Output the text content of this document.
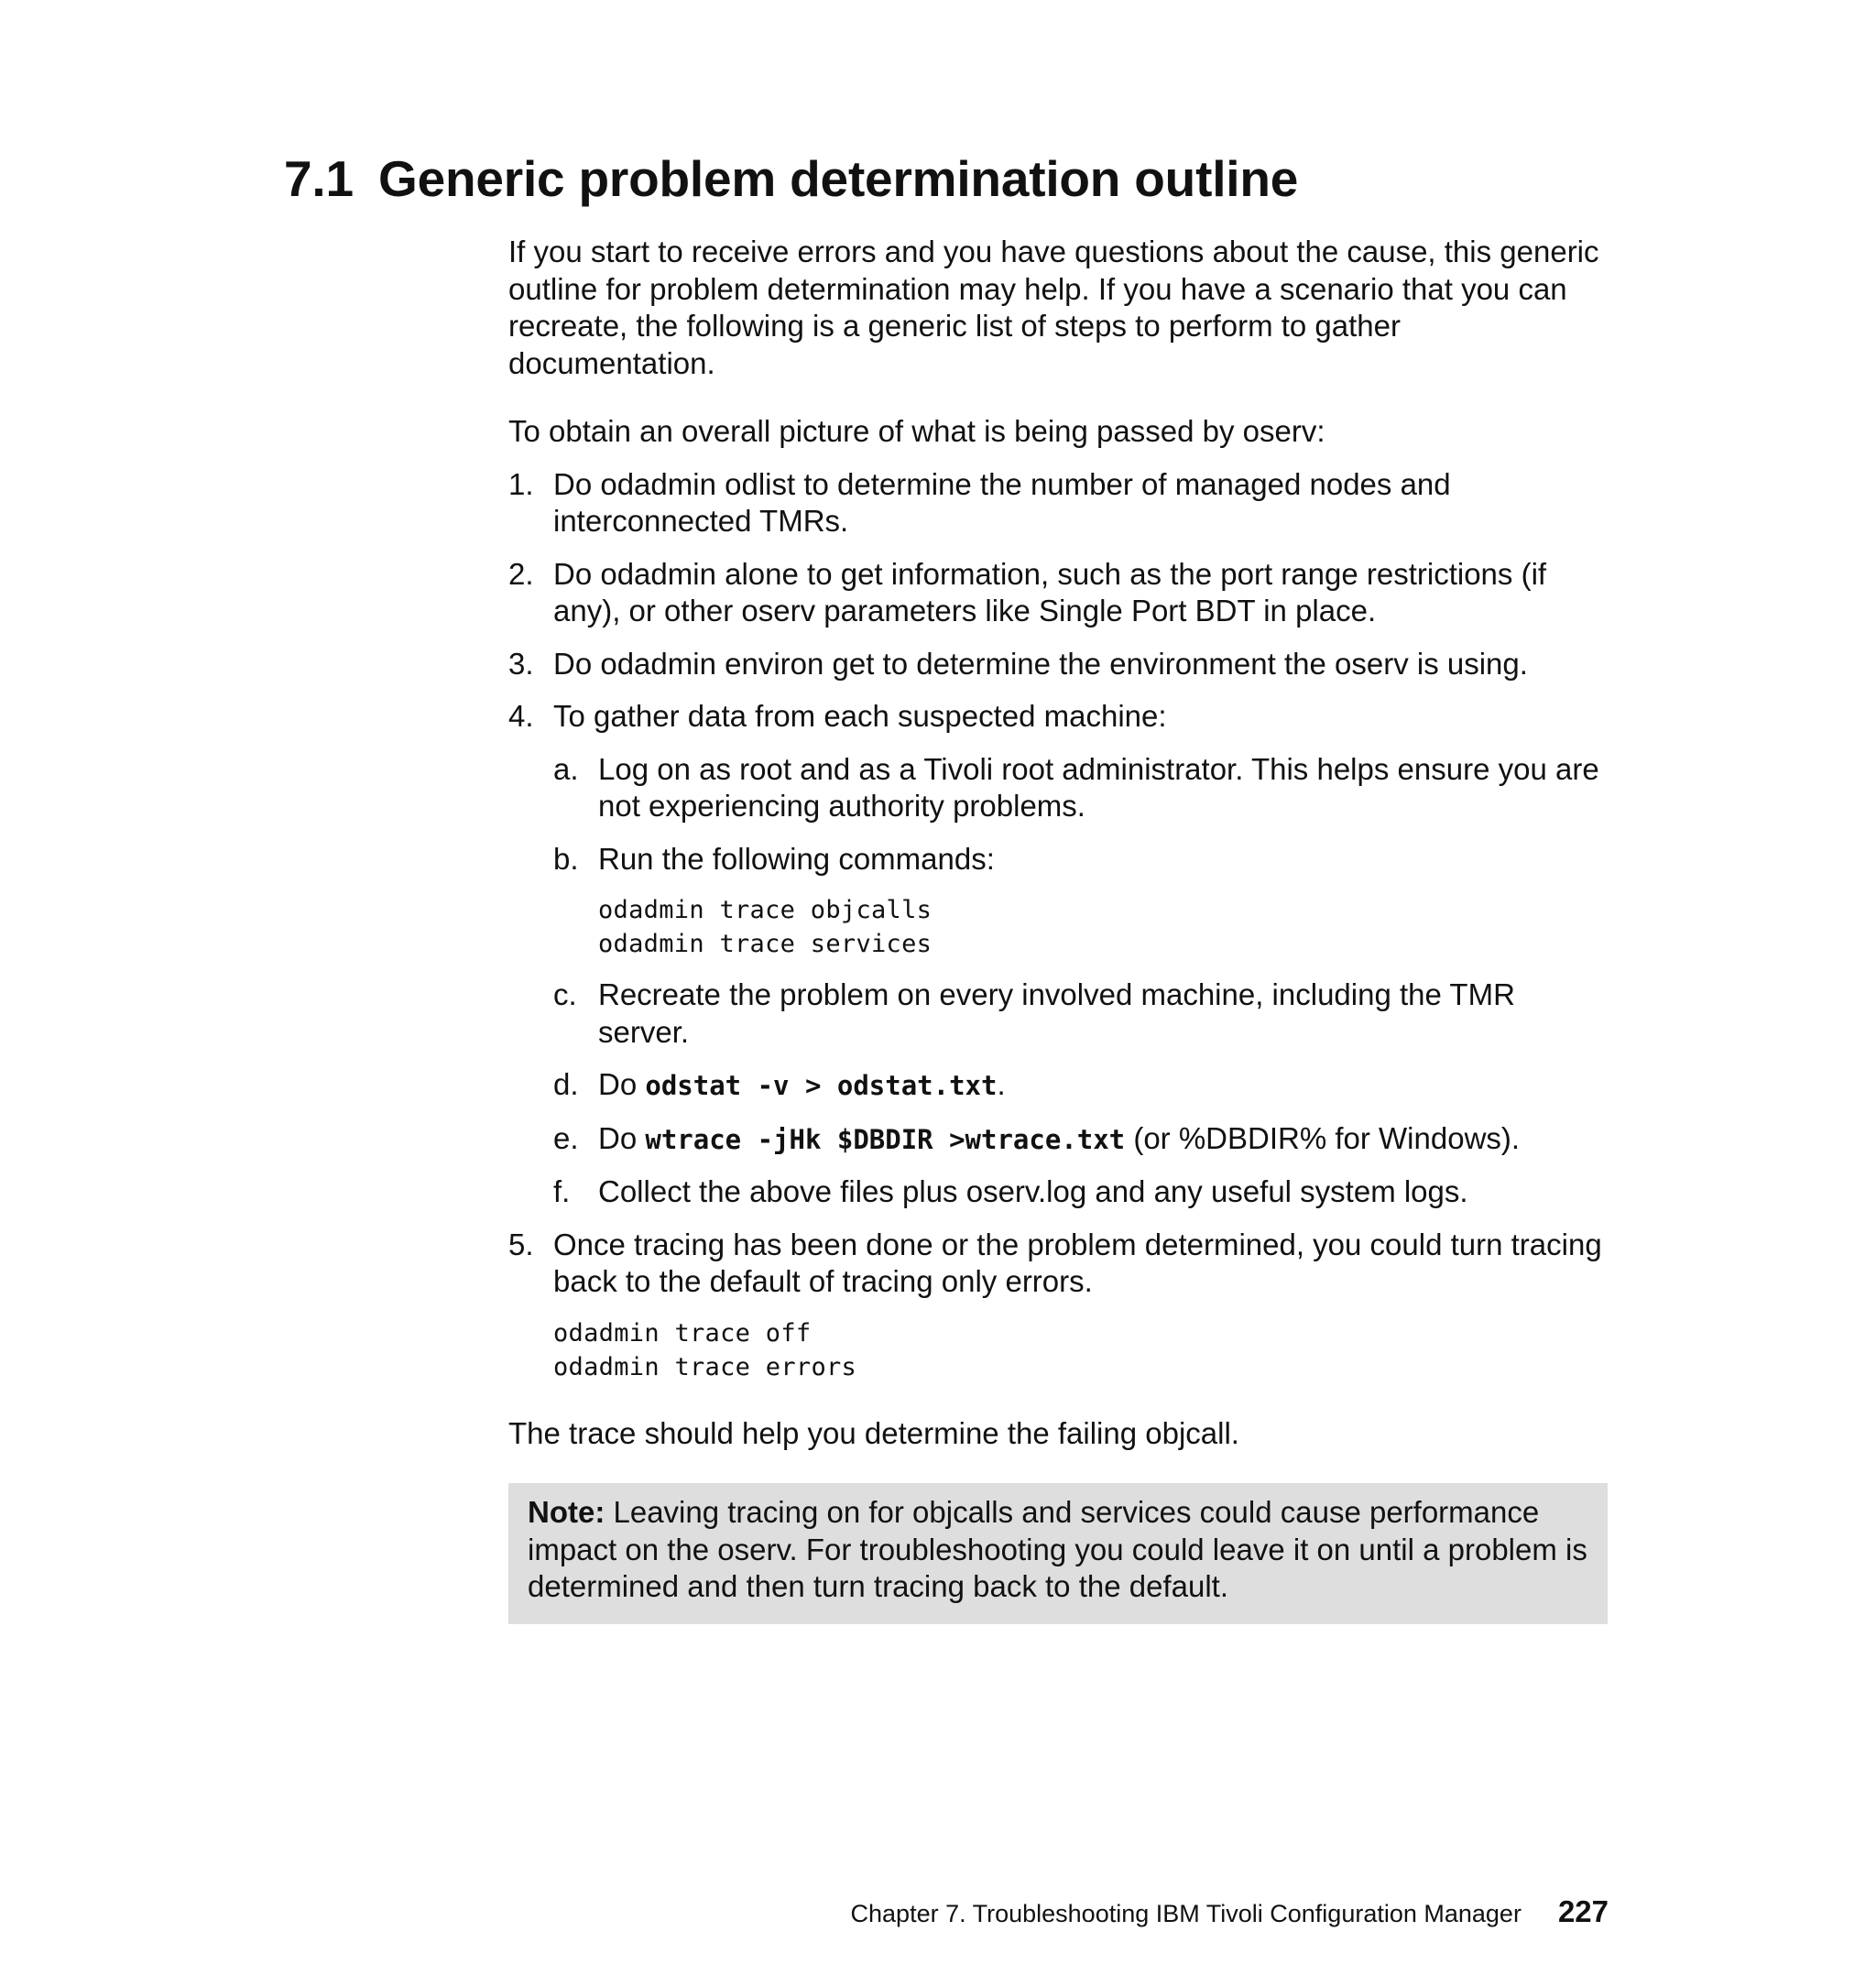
7.1 Generic problem determination outline

If you start to receive errors and you have questions about the cause, this generic outline for problem determination may help. If you have a scenario that you can recreate, the following is a generic list of steps to perform to gather documentation.

To obtain an overall picture of what is being passed by oserv:

1. Do odadmin odlist to determine the number of managed nodes and interconnected TMRs.
2. Do odadmin alone to get information, such as the port range restrictions (if any), or other oserv parameters like Single Port BDT in place.
3. Do odadmin environ get to determine the environment the oserv is using.
4. To gather data from each suspected machine:
a. Log on as root and as a Tivoli root administrator. This helps ensure you are not experiencing authority problems.
b. Run the following commands:
odadmin trace objcalls
odadmin trace services
c. Recreate the problem on every involved machine, including the TMR server.
d. Do odstat -v > odstat.txt.
e. Do wtrace -jHk $DBDIR >wtrace.txt (or %DBDIR% for Windows).
f. Collect the above files plus oserv.log and any useful system logs.
5. Once tracing has been done or the problem determined, you could turn tracing back to the default of tracing only errors.
odadmin trace off
odadmin trace errors

The trace should help you determine the failing objcall.

Note: Leaving tracing on for objcalls and services could cause performance impact on the oserv. For troubleshooting you could leave it on until a problem is determined and then turn tracing back to the default.
Chapter 7. Troubleshooting IBM Tivoli Configuration Manager 227
